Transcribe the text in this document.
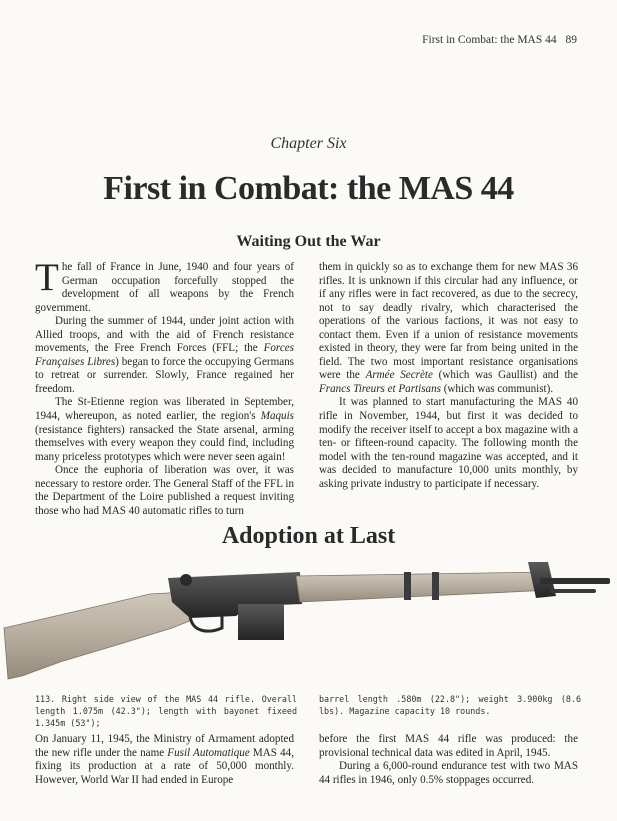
First in Combat: the MAS 44 89
Chapter Six
First in Combat: the MAS 44
Waiting Out the War

The fall of France in June, 1940 and four years of German occupation forcefully stopped the development of all weapons by the French government.

During the summer of 1944, under joint action with Allied troops, and with the aid of French resistance movements, the Free French Forces (FFL; the Forces Françaises Libres) began to force the occupying Germans to retreat or surrender. Slowly, France regained her freedom.

The St-Etienne region was liberated in September, 1944, whereupon, as noted earlier, the region's Maquis (resistance fighters) ransacked the State arsenal, arming themselves with every weapon they could find, including many priceless prototypes which were never seen again!

Once the euphoria of liberation was over, it was necessary to restore order. The General Staff of the FFL in the Department of the Loire published a request inviting those who had MAS 40 automatic rifles to turn

them in quickly so as to exchange them for new MAS 36 rifles. It is unknown if this circular had any influence, or if any rifles were in fact recovered, as due to the secrecy, not to say deadly rivalry, which characterised the operations of the various factions, it was not easy to contact them. Even if a union of resistance movements existed in theory, they were far from being united in the field. The two most important resistance organisations were the Armée Secrète (which was Gaullist) and the Francs Tireurs et Partisans (which was communist).

It was planned to start manufacturing the MAS 40 rifle in November, 1944, but first it was decided to modify the receiver itself to accept a box magazine with a ten- or fifteen-round capacity. The following month the model with the ten-round magazine was accepted, and it was decided to manufacture 10,000 units monthly, by asking private industry to participate if necessary.

Adoption at Last
113. Right side view of the MAS 44 rifle. Overall length 1.075m (42.3"); length with bayonet fixeed 1.345m (53");
barrel length .580m (22.8"); weight 3.900kg (8.6 lbs). Magazine capacity 10 rounds.

On January 11, 1945, the Ministry of Armament adopted the new rifle under the name Fusil Automatique MAS 44, fixing its production at a rate of 50,000 monthly. However, World War II had ended in Europe

before the first MAS 44 rifle was produced: the provisional technical data was edited in April, 1945.

During a 6,000-round endurance test with two MAS 44 rifles in 1946, only 0.5% stoppages occurred.
